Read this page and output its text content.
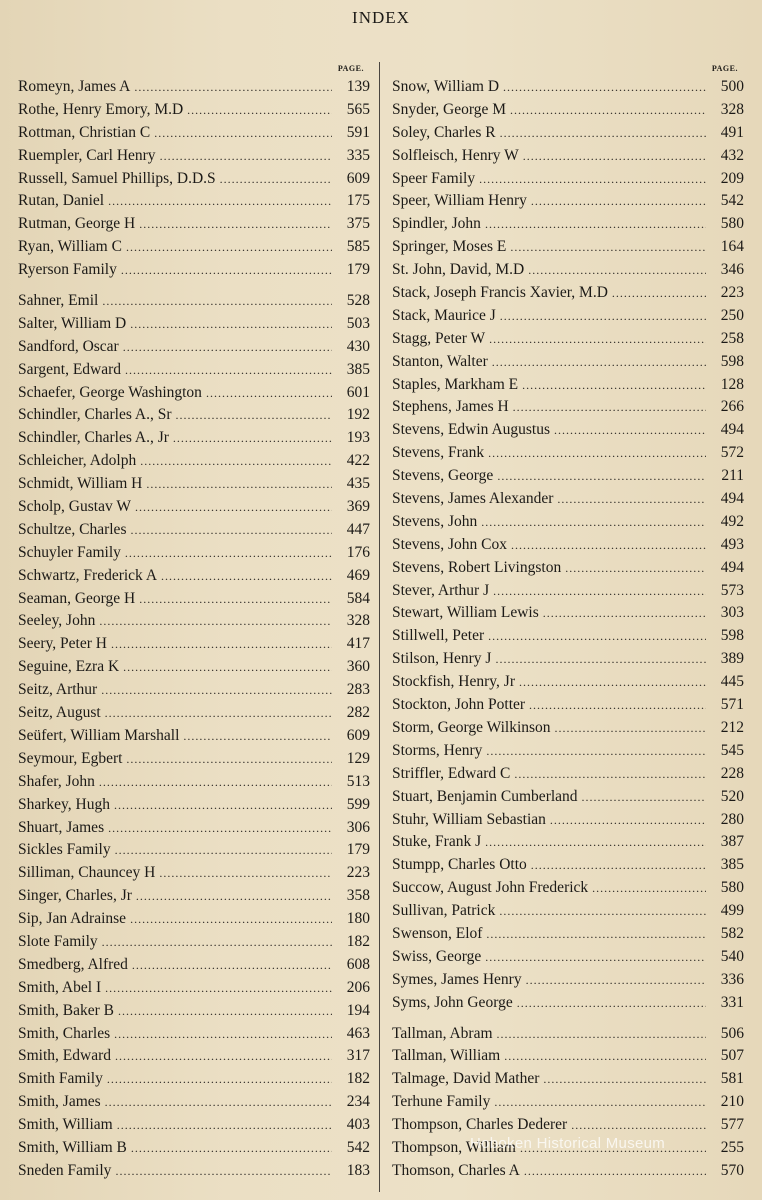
INDEX
PAGE.
Romeyn, James A . . .	139
Rothe, Henry Emory, M.D . . .	565
Rottman, Christian C . . .	591
Ruempler, Carl Henry . . .	335
Russell, Samuel Phillips, D.D.S . . .	609
Rutan, Daniel . . .	175
Rutman, George H . . .	375
Ryan, William C . . .	585
Ryerson Family . . .	179
Sahner, Emil . . .	528
Salter, William D . . .	503
Sandford, Oscar . . .	430
Sargent, Edward . . .	385
Schaefer, George Washington . . .	601
Schindler, Charles A., Sr . . .	192
Schindler, Charles A., Jr . . .	193
Schleicher, Adolph . . .	422
Schmidt, William H . . .	435
Scholp, Gustav W . . .	369
Schultze, Charles . . .	447
Schuyler Family . . .	176
Schwartz, Frederick A . . .	469
Seaman, George H . . .	584
Seeley, John . . .	328
Seery, Peter H . . .	417
Seguine, Ezra K . . .	360
Seitz, Arthur . . .	283
Seitz, August . . .	282
Seüfert, William Marshall . . .	609
Seymour, Egbert . . .	129
Shafer, John . . .	513
Sharkey, Hugh . . .	599
Shuart, James . . .	306
Sickles Family . . .	179
Silliman, Chauncey H . . .	223
Singer, Charles, Jr . . .	358
Sip, Jan Adrainse . . .	180
Slote Family . . .	182
Smedberg, Alfred . . .	608
Smith, Abel I . . .	206
Smith, Baker B . . .	194
Smith, Charles . . .	463
Smith, Edward . . .	317
Smith Family . . .	182
Smith, James . . .	234
Smith, William . . .	403
Smith, William B . . .	542
Sneden Family . . .	183
PAGE.
Snow, William D . . .	500
Snyder, George M . . .	328
Soley, Charles R . . .	491
Solfleisch, Henry W . . .	432
Speer Family . . .	209
Speer, William Henry . . .	542
Spindler, John . . .	580
Springer, Moses E . . .	164
St. John, David, M.D . . .	346
Stack, Joseph Francis Xavier, M.D . . .	223
Stack, Maurice J . . .	250
Stagg, Peter W . . .	258
Stanton, Walter . . .	598
Staples, Markham E . . .	128
Stephens, James H . . .	266
Stevens, Edwin Augustus . . .	494
Stevens, Frank . . .	572
Stevens, George . . .	211
Stevens, James Alexander . . .	494
Stevens, John . . .	492
Stevens, John Cox . . .	493
Stevens, Robert Livingston . . .	494
Stever, Arthur J . . .	573
Stewart, William Lewis . . .	303
Stillwell, Peter . . .	598
Stilson, Henry J . . .	389
Stockfish, Henry, Jr . . .	445
Stockton, John Potter . . .	571
Storm, George Wilkinson . . .	212
Storms, Henry . . .	545
Striffler, Edward C . . .	228
Stuart, Benjamin Cumberland . . .	520
Stuhr, William Sebastian . . .	280
Stuke, Frank J . . .	387
Stumpp, Charles Otto . . .	385
Succow, August John Frederick . . .	580
Sullivan, Patrick . . .	499
Swenson, Elof . . .	582
Swiss, George . . .	540
Symes, James Henry . . .	336
Syms, John George . . .	331
Tallman, Abram . . .	506
Tallman, William . . .	507
Talmage, David Mather . . .	581
Terhune Family . . .	210
Thompson, Charles Dederer . . .	577
Thompson, William . . .	255
Thomson, Charles A . . .	570
Hoboken Historical Museum
